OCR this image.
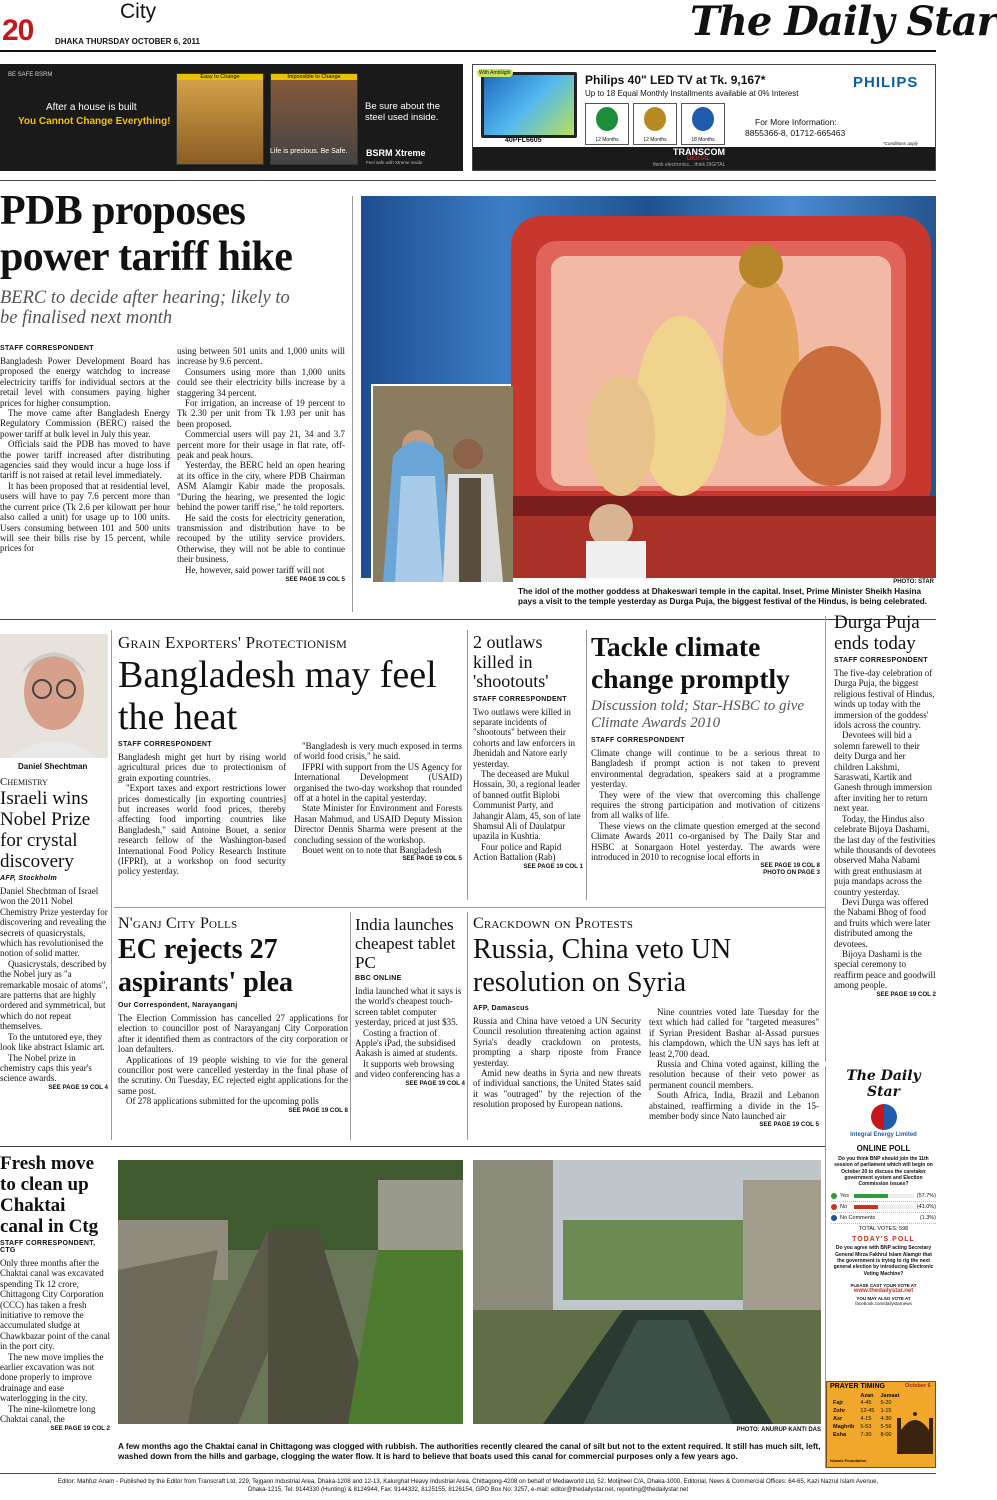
20
City
DHAKA THURSDAY OCTOBER 6, 2011	The Daily Star
BE SAFE BSRM
After a house is built
You Cannot Change Everything!
Easy to Change	Impossible to Change
Be sure about the
steel used inside.
Life is precious. Be Safe. BSRM Xtreme
Feel safe with Xtreme inside
With Ambilight
40PFL6605
Philips 40" LED TV at Tk. 9,167*
Up to 18 Equal Monthly Installments available at 0% Interest
PHILIPS
12 Months	12 Months	18 Months
For More Information:
8855366-8, 01712-665463
*Conditions apply
TRANSCOM
DIGITAL
think electronics... think DIGITAL
PDB proposes power tariff hike
BERC to decide after hearing; likely to be finalised next month
STAFF CORRESPONDENT

Bangladesh Power Development Board has proposed the energy watchdog to increase electricity tariffs for individual sectors at the retail level with consumers paying higher prices for higher consumption.

The move came after Bangladesh Energy Regulatory Commission (BERC) raised the power tariff at bulk level in July this year.

Officials said the PDB has moved to have the power tariff increased after distributing agencies said they would incur a huge loss if tariff is not raised at retail level immediately.

It has been proposed that at residential level, users will have to pay 7.6 percent more than the current price (Tk 2.6 per kilowatt per hour also called a unit) for usage up to 100 units. Users consuming between 101 and 500 units will see their bills rise by 15 percent, while prices for

using between 501 units and 1,000 units will increase by 9.6 percent.

Consumers using more than 1,000 units could see their electricity bills increase by a staggering 34 percent.

For irrigation, an increase of 19 percent to Tk 2.30 per unit from Tk 1.93 per unit has been proposed.

Commercial users will pay 21, 34 and 3.7 percent more for their usage in flat rate, off-peak and peak hours.

Yesterday, the BERC held an open hearing at its office in the city, where PDB Chairman ASM Alamgir Kabir made the proposals. "During the hearing, we presented the logic behind the power tariff rise," he told reporters.

He said the costs for electricity generation, transmission and distribution have to be recouped by the utility service providers. Otherwise, they will not be able to continue their business.

He, however, said power tariff will not

SEE PAGE 19 COL 5	PHOTO: STAR
The idol of the mother goddess at Dhakeswari temple in the capital. Inset, Prime Minister Sheikh Hasina pays a visit to the temple yesterday as Durga Puja, the biggest festival of the Hindus, is being celebrated.
Daniel Shechtman
Chemistry
Israeli wins Nobel Prize for crystal discovery
AFP, Stockholm

Daniel Shechtman of Israel won the 2011 Nobel Chemistry Prize yesterday for discovering and revealing the secrets of quasicrystals, which has revolutionised the notion of solid matter.

Quasicrystals, described by the Nobel jury as "a remarkable mosaic of atoms", are patterns that are highly ordered and symmetrical, but which do not repeat themselves.

To the untutored eye, they look like abstract Islamic art.

The Nobel prize in chemistry caps this year's science awards.

SEE PAGE 19 COL 4
Grain Exporters' Protectionism
Bangladesh may feel the heat
STAFF CORRESPONDENT

Bangladesh might get hurt by rising world agricultural prices due to protectionism of grain exporting countries.

"Export taxes and export restrictions lower prices domestically [in exporting countries] but increases world food prices, thereby affecting food importing countries like Bangladesh," said Antoine Bouet, a senior research fellow of the Washington-based International Food Policy Research Institute (IFPRI), at a workshop on food security policy yesterday.

"Bangladesh is very much exposed in terms of world food crisis," he said.

IFPRI with support from the US Agency for International Development (USAID) organised the two-day workshop that rounded off at a hotel in the capital yesterday.

State Minister for Environment and Forests Hasan Mahmud, and USAID Deputy Mission Director Dennis Sharma were present at the concluding session of the workshop.

Bouet went on to note that Bangladesh

SEE PAGE 19 COL 5
2 outlaws killed in 'shootouts'
STAFF CORRESPONDENT

Two outlaws were killed in separate incidents of "shootouts" between their cohorts and law enforcers in Jhenidah and Natore early yesterday.

The deceased are Mukul Hossain, 30, a regional leader of banned outfit Biplobi Communist Party, and Jahangir Alam, 45, son of late Shamsul Ali of Daulatpur upazila in Kushtia.

Four police and Rapid Action Battalion (Rab)

SEE PAGE 19 COL 1
Tackle climate change promptly
Discussion told; Star-HSBC to give Climate Awards 2010
STAFF CORRESPONDENT

Climate change will continue to be a serious threat to Bangladesh if prompt action is not taken to prevent environmental degradation, speakers said at a programme yesterday.

They were of the view that overcoming this challenge requires the strong participation and motivation of citizens from all walks of life.

These views on the climate question emerged at the second Climate Awards 2011 co-organised by The Daily Star and HSBC at Sonargaon Hotel yesterday. The awards were introduced in 2010 to recognise local efforts in

SEE PAGE 19 COL 8
PHOTO ON PAGE 3
Durga Puja ends today
STAFF CORRESPONDENT

The five-day celebration of Durga Puja, the biggest religious festival of Hindus, winds up today with the immersion of the goddess' idols across the country.

Devotees will bid a solemn farewell to their deity Durga and her children Lakshmi, Saraswati, Kartik and Ganesh through immersion after inviting her to return next year.

Today, the Hindus also celebrate Bijoya Dashami, the last day of the festivities while thousands of devotees observed Maha Nabami with great enthusiasm at puja mandaps across the country yesterday.

Devi Durga was offered the Nabami Bhog of food and fruits which were later distributed among the devotees.

Bijoya Dashami is the special ceremony to reaffirm peace and goodwill among people.

SEE PAGE 19 COL 2
N'ganj City Polls
EC rejects 27 aspirants' plea
Our Correspondent, Narayanganj

The Election Commission has cancelled 27 applications for election to councillor post of Narayanganj City Corporation after it identified them as contractors of the city corporation or loan defaulters.

Applications of 19 people wishing to vie for the general councillor post were cancelled yesterday in the final phase of the scrutiny. On Tuesday, EC rejected eight applications for the same post.

Of 278 applications submitted for the upcoming polls

SEE PAGE 19 COL 8
India launches cheapest tablet PC
BBC ONLINE

India launched what it says is the world's cheapest touch-screen tablet computer yesterday, priced at just $35.

Costing a fraction of Apple's iPad, the subsidised Aakash is aimed at students.

It supports web browsing and video conferencing has a

SEE PAGE 19 COL 4
Crackdown on Protests
Russia, China veto UN resolution on Syria
AFP, Damascus

Russia and China have vetoed a UN Security Council resolution threatening action against Syria's deadly crackdown on protests, prompting a sharp riposte from France yesterday.

Amid new deaths in Syria and new threats of individual sanctions, the United States said it was "outraged" by the rejection of the resolution proposed by European nations.

Nine countries voted late Tuesday for the text which had called for "targeted measures" if Syrian President Bashar al-Assad pursues his clampdown, which the UN says has left at least 2,700 dead.

Russia and China voted against, killing the resolution because of their veto power as permanent council members.

South Africa, India, Brazil and Lebanon abstained, reaffirming a divide in the 15-member body since Nato launched air

SEE PAGE 19 COL 5
Fresh move to clean up Chaktai canal in Ctg
STAFF CORRESPONDENT, CTG

Only three months after the Chaktai canal was excavated spending Tk 12 crore, Chittagong City Corporation (CCC) has taken a fresh initiative to remove the accumulated sludge at Chawkbazar point of the canal in the port city.

The new move implies the earlier excavation was not done properly to improve drainage and ease waterlogging in the city.

The nine-kilometre long Chaktai canal, the

SEE PAGE 19 COL 2	PHOTO: ANURUP KANTI DAS
A few months ago the Chaktai canal in Chittagong was clogged with rubbish. The authorities recently cleared the canal of silt but not to the extent required. It still has much silt, left, washed down from the hills and garbage, clogging the water flow. It is hard to believe that boats used this canal for commercial purposes only a few years ago.
The Daily Star
Integral Energy Limited
ONLINE POLL
Do you think BNP should join the 11th session of parliament which will begin on October 20 to discuss the caretaker government system and Election Commission issues?
Yes	(57.7%)
No	(41.0%)
No Comments	(1.3%)
TOTAL VOTES: 598
TODAY'S POLL
Do you agree with BNP acting Secretary General Mirza Fakhrul Islam Alamgir that the government is trying to rig the next general election by introducing Electronic Voting Machine?
PLEASE CAST YOUR VOTE AT
www.thedailystar.net
YOU MAY ALSO VOTE AT
facebook.com/dailystarnews
PRAYER TIMING	October 6
	Azan	Jamaat
Fajr	4-45	5-20
Zohr	12-45	1-15
Asr	4-15	4-30
Maghrib	5-53	5-56
Esha	7-30	8-00
Islamic Foundation
Editor: Mahfuz Anam - Published by the Editor from Transcraft Ltd, 229, Tejgaon Industrial Area, Dhaka-1208 and 12-13, Kalurghat Heavy Industrial Area, Chittagong-4208 on behalf of Mediaworld Ltd, 52, Motijheel C/A, Dhaka-1000. Editorial, News & Commercial Offices: 64-65, Kazi Nazrul Islam Avenue,
Dhaka-1215, Tel: 9144330 (Hunting) & 8124944, Fax: 9144332, 8125155, 8126154, GPO Box No: 3257, e-mail: editor@thedailystar.net, reporting@thedailystar.net
